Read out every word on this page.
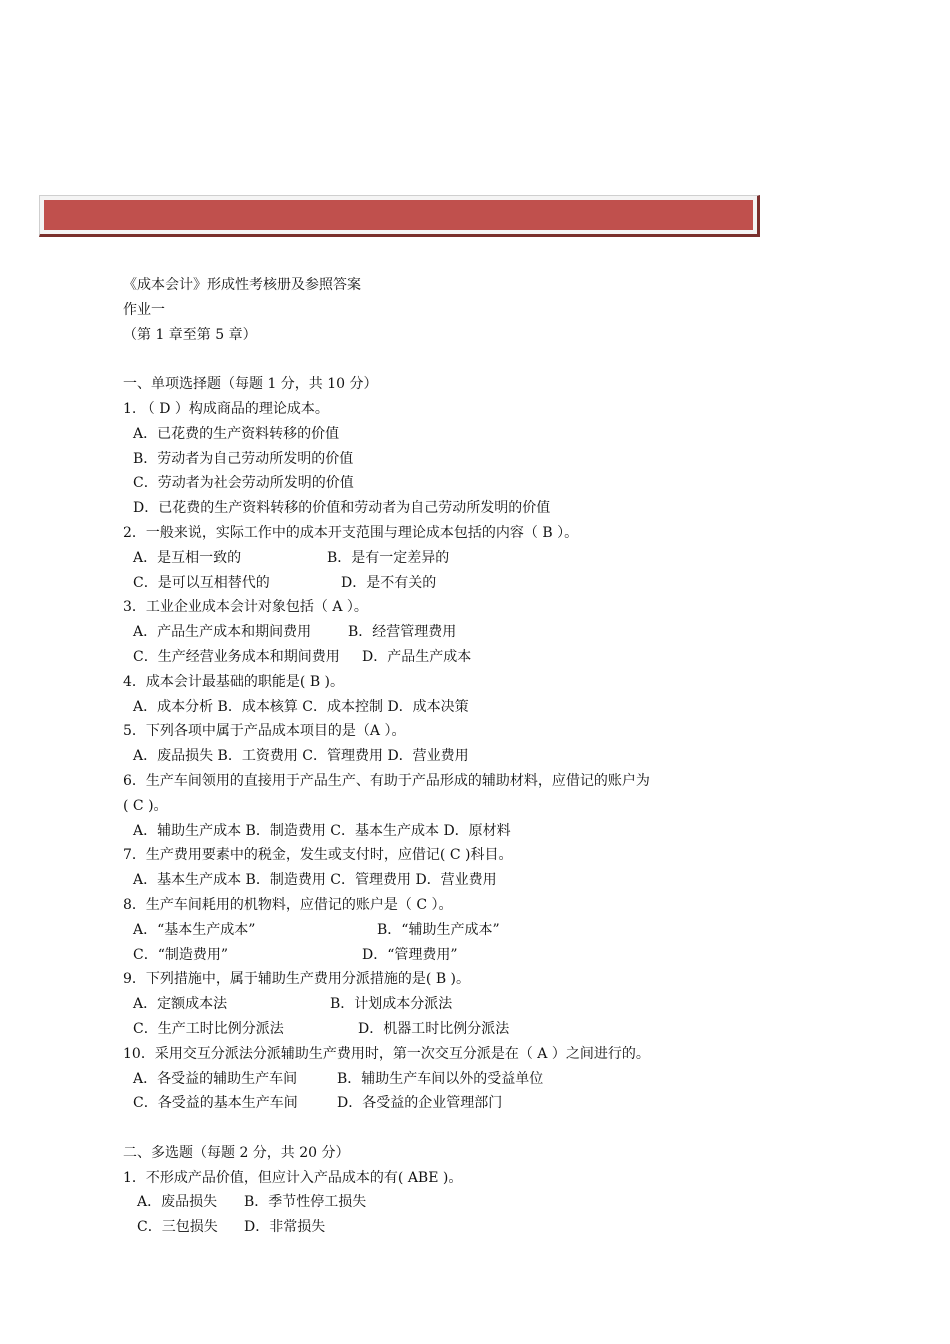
《成本会计》形成性考核册及参照答案
作业一
（第 1 章至第 5 章）
一、单项选择题（每题 1 分，共 10 分）
1. （ D ）构成商品的理论成本。
A．已花费的生产资料转移的价值
B．劳动者为自己劳动所发明的价值
C．劳动者为社会劳动所发明的价值
D．已花费的生产资料转移的价值和劳动者为自己劳动所发明的价值
2．一般来说，实际工作中的成本开支范围与理论成本包括的内容（ B ）。
A．是互相一致的	B．是有一定差异的
C．是可以互相替代的	D．是不有关的
3．工业企业成本会计对象包括（ A ）。
A．产品生产成本和期间费用	B．经营管理费用
C．生产经营业务成本和期间费用 D．产品生产成本
4．成本会计最基础的职能是( B )。
A．成本分析 B．成本核算 C．成本控制 D．成本决策
5．下列各项中属于产品成本项目的是（A ）。
A．废品损失 B．工资费用 C．管理费用 D．营业费用
6．生产车间领用的直接用于产品生产、有助于产品形成的辅助材料，应借记的账户为
( C )。
A．辅助生产成本 B．制造费用 C．基本生产成本 D．原材料
7．生产费用要素中的税金，发生或支付时，应借记( C )科目。
A．基本生产成本 B．制造费用 C．管理费用 D．营业费用
8．生产车间耗用的机物料，应借记的账户是（ C ）。
A．“基本生产成本”	B．“辅助生产成本”
C．“制造费用”	D．“管理费用”
9．下列措施中，属于辅助生产费用分派措施的是( B )。
A．定额成本法	B．计划成本分派法
C．生产工时比例分派法	D．机器工时比例分派法
10．采用交互分派法分派辅助生产费用时，第一次交互分派是在（ A ）之间进行的。
A．各受益的辅助生产车间	B．辅助生产车间以外的受益单位
C．各受益的基本生产车间	D．各受益的企业管理部门
二、多选题（每题 2 分，共 20 分）
1．不形成产品价值，但应计入产品成本的有( ABE )。
A．废品损失 B．季节性停工损失
C．三包损失 D．非常损失
